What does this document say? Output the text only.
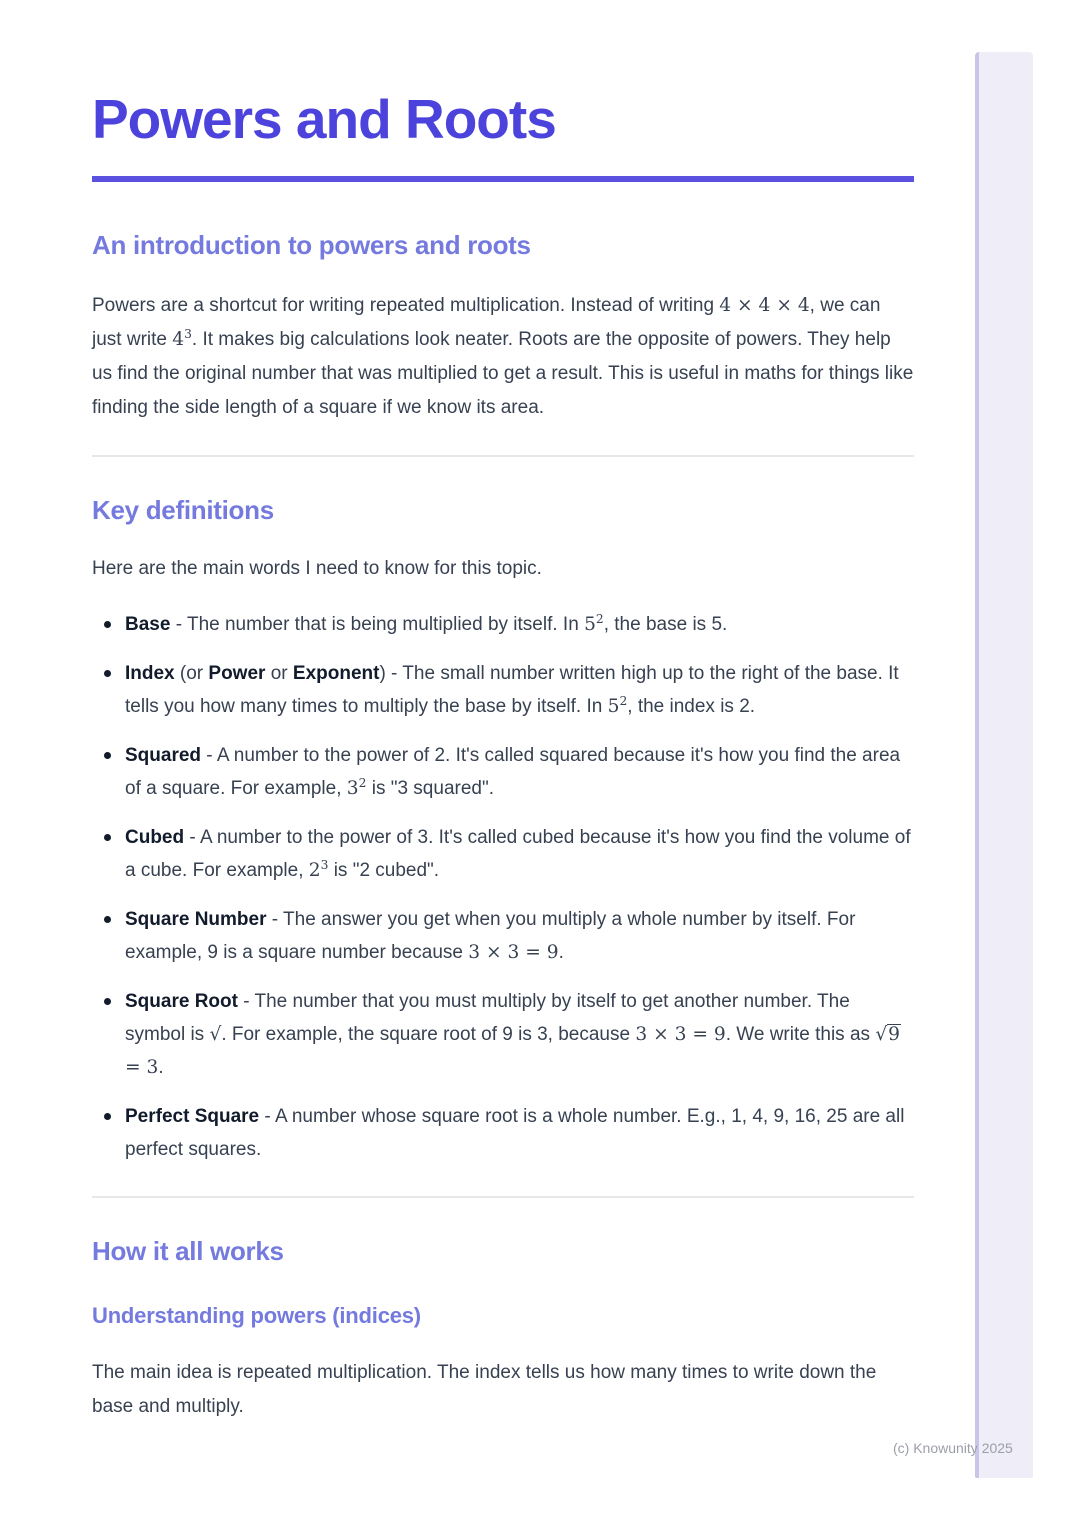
(c) Knowunity 2025
Powers and Roots
An introduction to powers and roots

Powers are a shortcut for writing repeated multiplication. Instead of writing 4 × 4 × 4, we can just write $4^3$. It makes big calculations look neater. Roots are the opposite of powers. They help us find the original number that was multiplied to get a result. This is useful in maths for things like finding the side length of a square if we know its area.

Key definitions

Here are the main words I need to know for this topic.

Base - The number that is being multiplied by itself. In $5^2$, the base is 5.
Index (or Power or Exponent) - The small number written high up to the right of the base. It tells you how many times to multiply the base by itself. In $5^2$, the index is 2.
Squared - A number to the power of 2. It's called squared because it's how you find the area of a square. For example, $3^2$ is "3 squared".
Cubed - A number to the power of 3. It's called cubed because it's how you find the volume of a cube. For example, $2^3$ is "2 cubed".
Square Number - The answer you get when you multiply a whole number by itself. For example, 9 is a square number because 3 × 3 = 9.
Square Root - The number that you must multiply by itself to get another number. The symbol is √. For example, the square root of 9 is 3, because 3 × 3 = 9. We write this as √9 = 3.
Perfect Square - A number whose square root is a whole number. E.g., 1, 4, 9, 16, 25 are all perfect squares.
How it all works
Understanding powers (indices)

The main idea is repeated multiplication. The index tells us how many times to write down the base and multiply.
